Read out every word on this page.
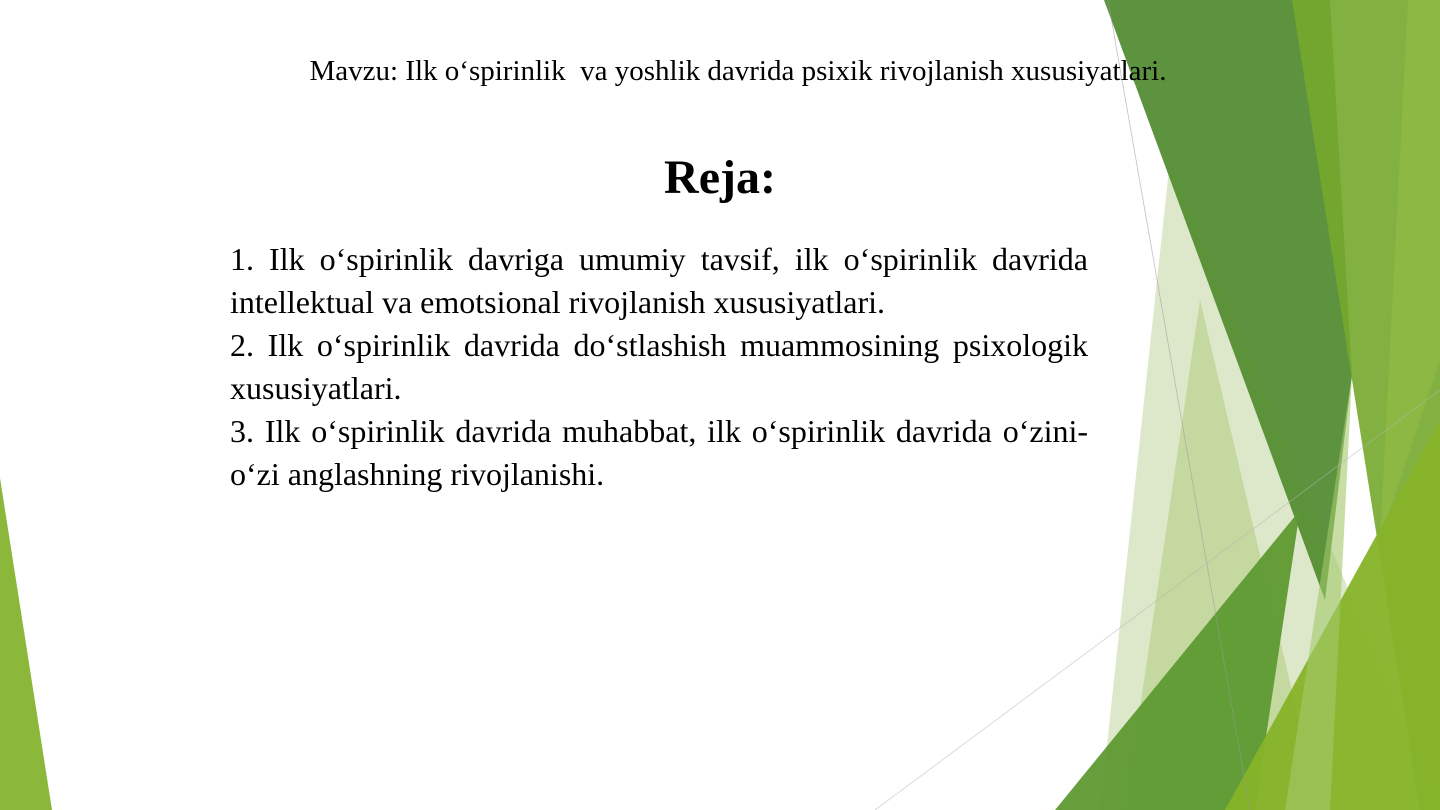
Mavzu: Ilk o‘spirinlik  va yoshlik davrida psixik rivojlanish xususiyatlari.
Reja:

1. Ilk o‘spirinlik davriga umumiy tavsif, ilk o‘spirinlik davrida intellektual va emotsional rivojlanish xususiyatlari.

2. Ilk o‘spirinlik davrida do‘stlashish muammosining psixologik xususiyatlari.

3. Ilk o‘spirinlik davrida muhabbat, ilk o‘spirinlik davrida o‘zini-o‘zi anglashning rivojlanishi.
